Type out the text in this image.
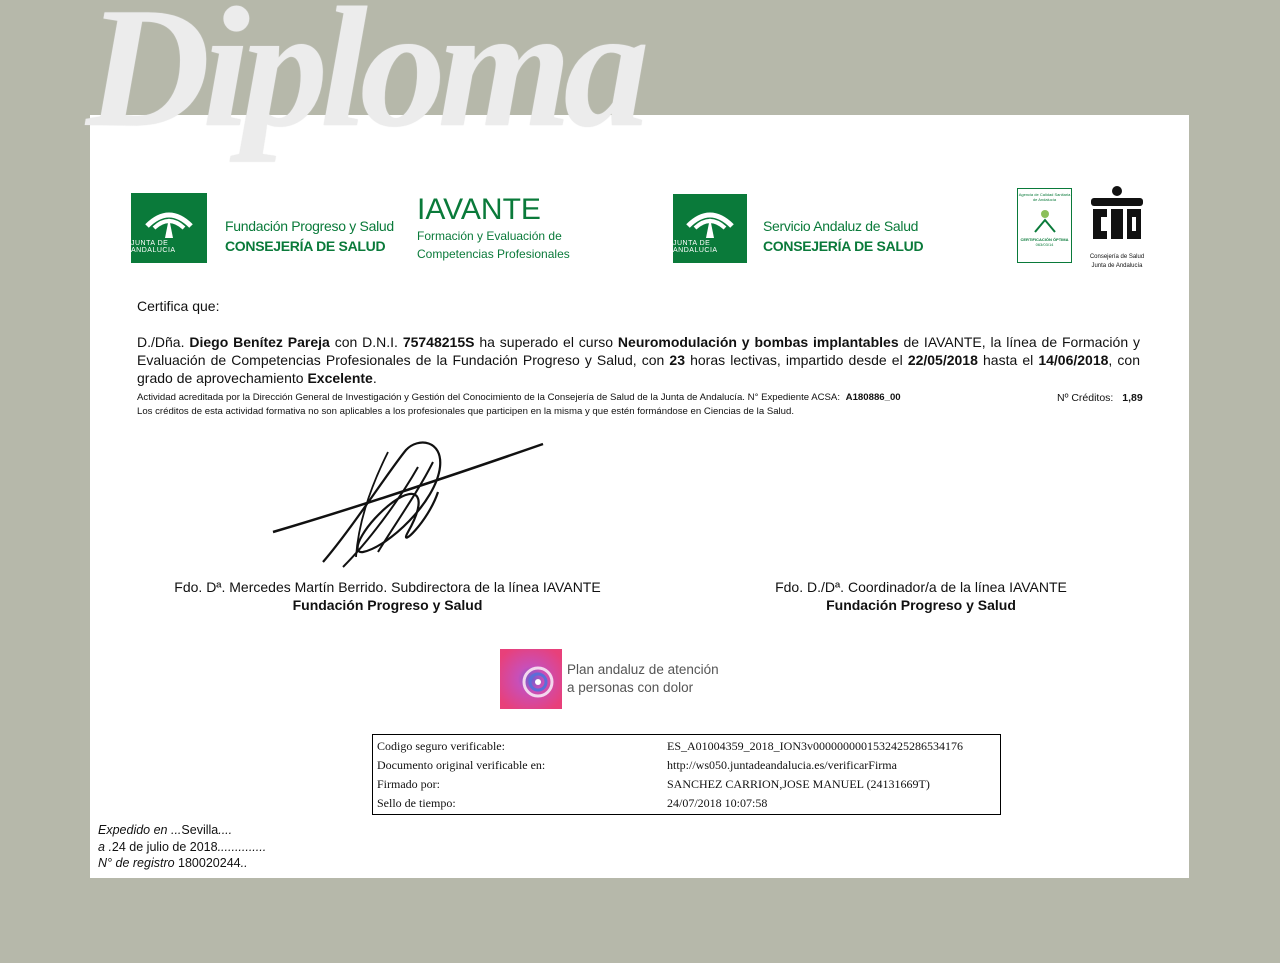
Diploma
JUNTA DE ANDALUCIA
Fundación Progreso y Salud
CONSEJERÍA DE SALUD
IAVANTE
Formación y Evaluación de
Competencias Profesionales
JUNTA DE ANDALUCIA
Servicio Andaluz de Salud
CONSEJERÍA DE SALUD
Agencia de Calidad Sanitaria de Andalucía
CERTIFICACIÓN ÓPTIMA
063/03/14
Consejería de Salud
Junta de Andalucía
Certifica que:
D./Dña. Diego Benítez Pareja con D.N.I. 75748215S ha superado el curso Neuromodulación y bombas implantables de IAVANTE, la línea de Formación y Evaluación de Competencias Profesionales de la Fundación Progreso y Salud, con 23 horas lectivas, impartido desde el 22/05/2018 hasta el 14/06/2018, con grado de aprovechamiento Excelente.
Actividad acreditada por la Dirección General de Investigación y Gestión del Conocimiento de la Consejería de Salud de la Junta de Andalucía. N° Expediente ACSA: A180886_00	Nº Créditos: 1,89
Los créditos de esta actividad formativa no son aplicables a los profesionales que participen en la misma y que estén formándose en Ciencias de la Salud.
Fdo. Dª. Mercedes Martín Berrido. Subdirectora de la línea IAVANTE
Fundación Progreso y Salud
Fdo. D./Dª. Coordinador/a de la línea IAVANTE
Fundación Progreso y Salud
Plan andaluz de atención
a personas con dolor
Codigo seguro verificable:	ES_A01004359_2018_ION3v000000000153242528653417​6
Documento original verificable en:	http://ws050.juntadeandalucia.es/verificarFirma
Firmado por:	SANCHEZ CARRION,JOSE MANUEL (24131669T)
Sello de tiempo:	24/07/2018 10:07:58
Expedido en ...Sevilla....
a .24 de julio de 2018..............
N° de registro 180020244..
